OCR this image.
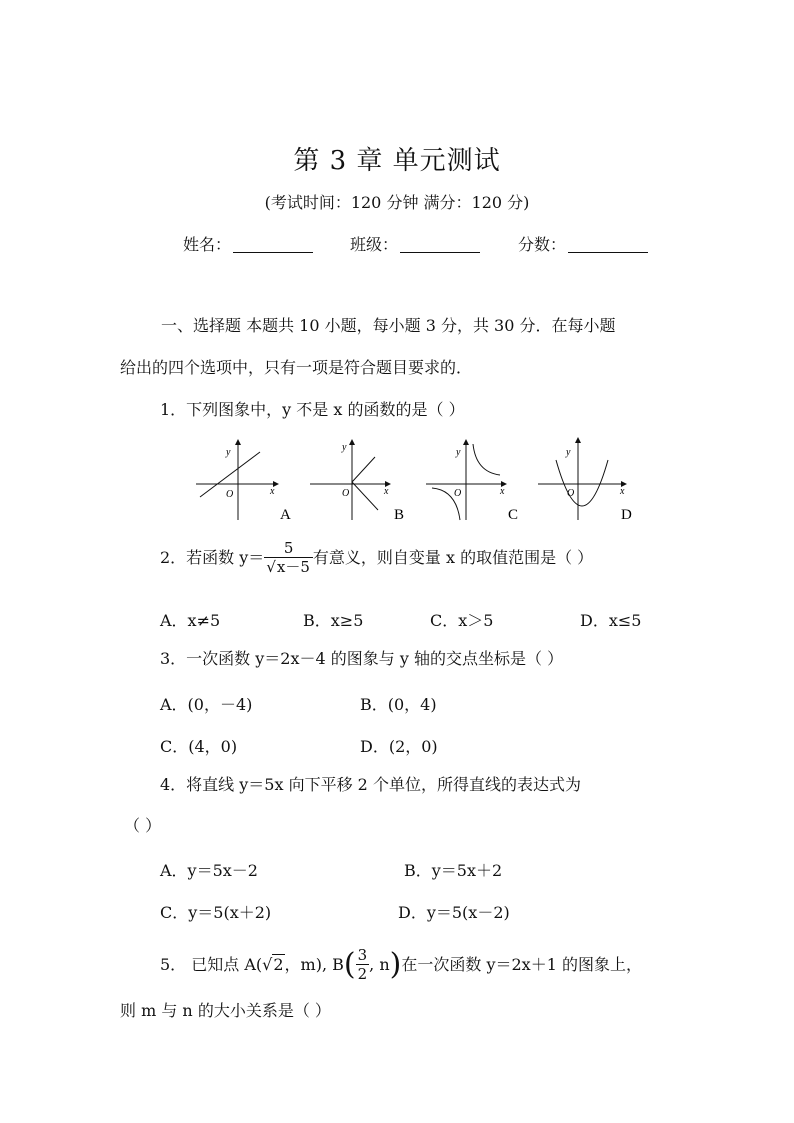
第 3 章 单元测试
(考试时间：120 分钟 满分：120 分)
姓名：	班级：	分数：
一、选择题 本题共 10 小题，每小题 3 分，共 30 分．在每小题
给出的四个选项中，只有一项是符合题目要求的．
1．下列图象中，y 不是 x 的函数的是（ ）
y
x
O
A
y
x
O
B
y
x
O
C
y
x
O
D
2．若函数 $y= \frac{5}{√x-5}$ 有意义，则自变量 x 的取值范围是（ ）
A．x≠5	B．x≥5	C．x＞5	D．x≤5
3．一次函数 y＝2x－4 的图象与 y 轴的交点坐标是（ ）
A．(0，－4)	B．(0，4)
C．(4，0)	D．(2，0)
4．将直线 y＝5x 向下平移 2 个单位，所得直线的表达式为
（ ）
A．y＝5x－2	B．y＝5x＋2
C．y＝5(x＋2)	D．y＝5(x－2)
5． 已知点 A(√2，m), $B( \frac{3}{2}$ , n)在一次函数 y＝2x＋1 的图象上，
则 m 与 n 的大小关系是（ ）
